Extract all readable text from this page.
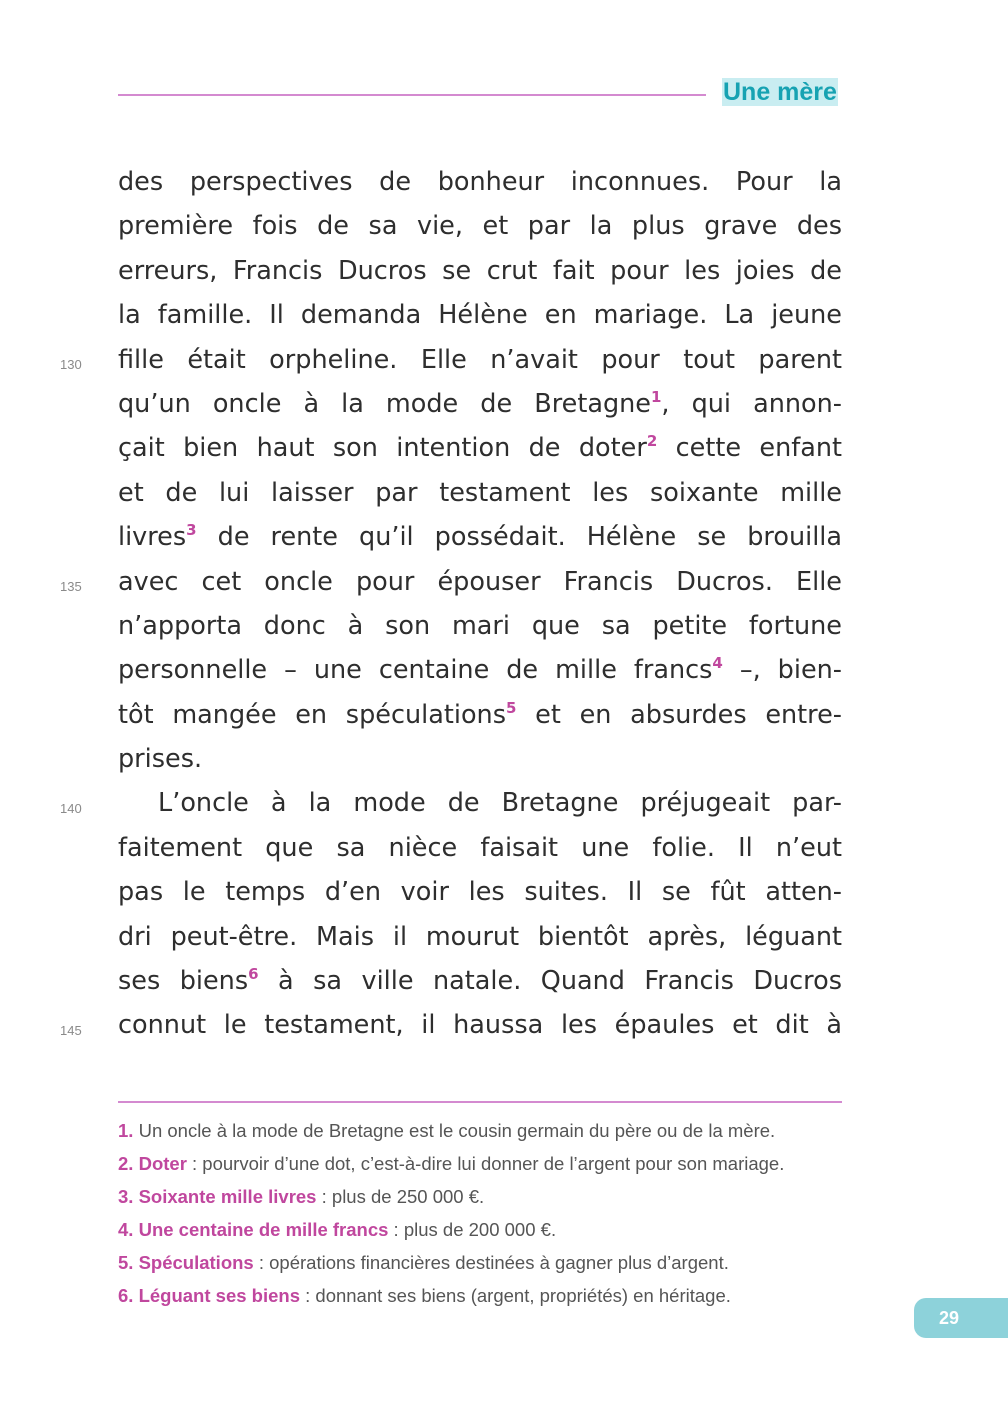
Une mère
130
135
140
145
des perspectives de bonheur inconnues. Pour la
première fois de sa vie, et par la plus grave des
erreurs, Francis Ducros se crut fait pour les joies de
la famille. Il demanda Hélène en mariage. La jeune
fille était orpheline. Elle n’avait pour tout parent
qu’un oncle à la mode de Bretagne$^1$, qui annon-
çait bien haut son intention de doter$^2$ cette enfant
et de lui laisser par testament les soixante mille
livres$^3$ de rente qu’il possédait. Hélène se brouilla
avec cet oncle pour épouser Francis Ducros. Elle
n’apporta donc à son mari que sa petite fortune
personnelle – une centaine de mille francs$^4$ –, bien-
tôt mangée en spéculations$^5$ et en absurdes entre-
prises.
L’oncle à la mode de Bretagne préjugeait par-
faitement que sa nièce faisait une folie. Il n’eut
pas le temps d’en voir les suites. Il se fût atten-
dri peut-être. Mais il mourut bientôt après, léguant
ses biens$^6$ à sa ville natale. Quand Francis Ducros
connut le testament, il haussa les épaules et dit à
1. Un oncle à la mode de Bretagne est le cousin germain du père ou de la mère.
2. Doter : pourvoir d’une dot, c’est-à-dire lui donner de l’argent pour son mariage.
3. Soixante mille livres : plus de 250 000 €.
4. Une centaine de mille francs : plus de 200 000 €.
5. Spéculations : opérations financières destinées à gagner plus d’argent.
6. Léguant ses biens : donnant ses biens (argent, propriétés) en héritage.
29
